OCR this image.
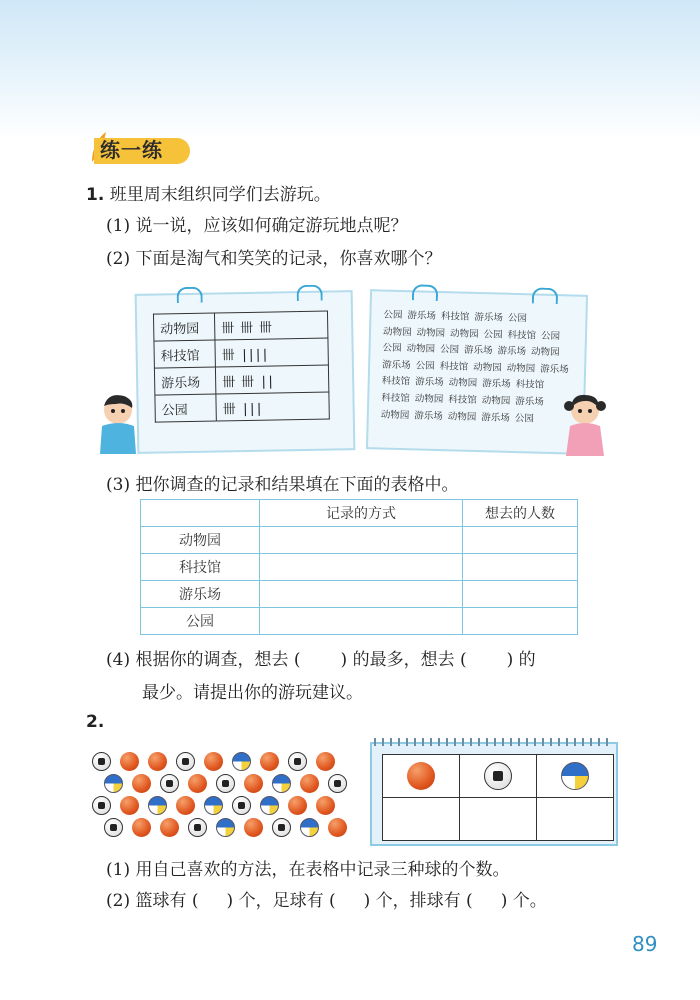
练一练
1. 班里周末组织同学们去游玩。
(1) 说一说，应该如何确定游玩地点呢？
(2) 下面是淘气和笑笑的记录，你喜欢哪个？
动物园	卌 卌 卌
科技馆	卌 ||||
游乐场	卌 卌 ||
公园	卌 |||
公园 游乐场 科技馆 游乐场 公园
动物园 动物园 动物园 公园 科技馆 公园
公园 动物园 公园 游乐场 游乐场 动物园
游乐场 公园 科技馆 动物园 动物园 游乐场
科技馆 游乐场 动物园 游乐场 科技馆
科技馆 动物园 科技馆 动物园 游乐场
动物园 游乐场 动物园 游乐场 公园
(3) 把你调查的记录和结果填在下面的表格中。
	记录的方式	想去的人数
动物园		
科技馆		
游乐场		
公园		
(4) 根据你的调查，想去 ( ) 的最多，想去 ( ) 的
最少。请提出你的游玩建议。
2.

(1) 用自己喜欢的方法，在表格中记录三种球的个数。
(2) 篮球有 ( ) 个，足球有 ( ) 个，排球有 ( ) 个。
89
